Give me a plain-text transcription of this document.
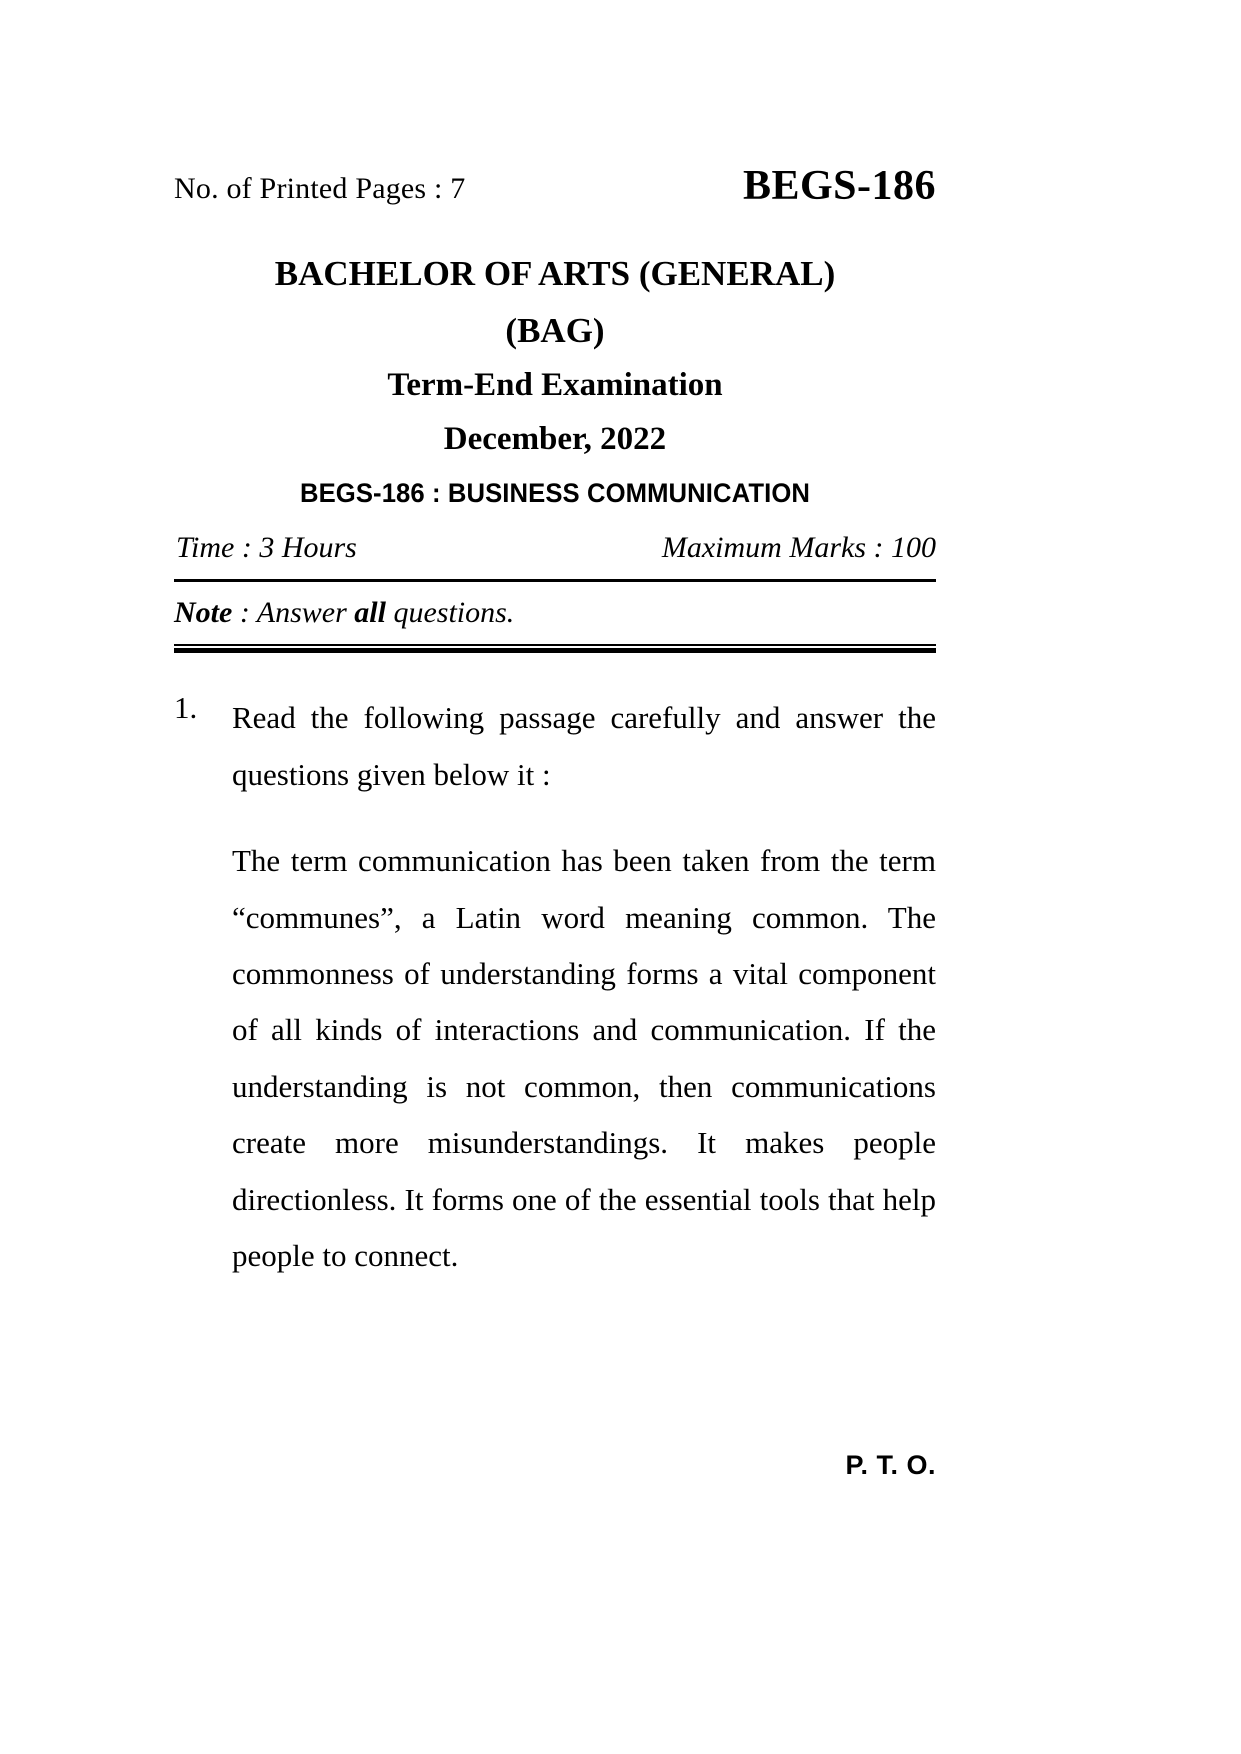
No. of Printed Pages : 7	BEGS-186
BACHELOR OF ARTS (GENERAL)
(BAG)
Term-End Examination
December, 2022
BEGS-186 : BUSINESS COMMUNICATION
Time : 3 Hours	Maximum Marks : 100
Note : Answer all questions.
1.	Read the following passage carefully and answer the questions given below it :

The term communication has been taken from the term “communes”, a Latin word meaning common. The commonness of understanding forms a vital component of all kinds of interactions and communication. If the understanding is not common, then communications create more misunderstandings. It makes people directionless. It forms one of the essential tools that help people to connect.

P. T. O.
